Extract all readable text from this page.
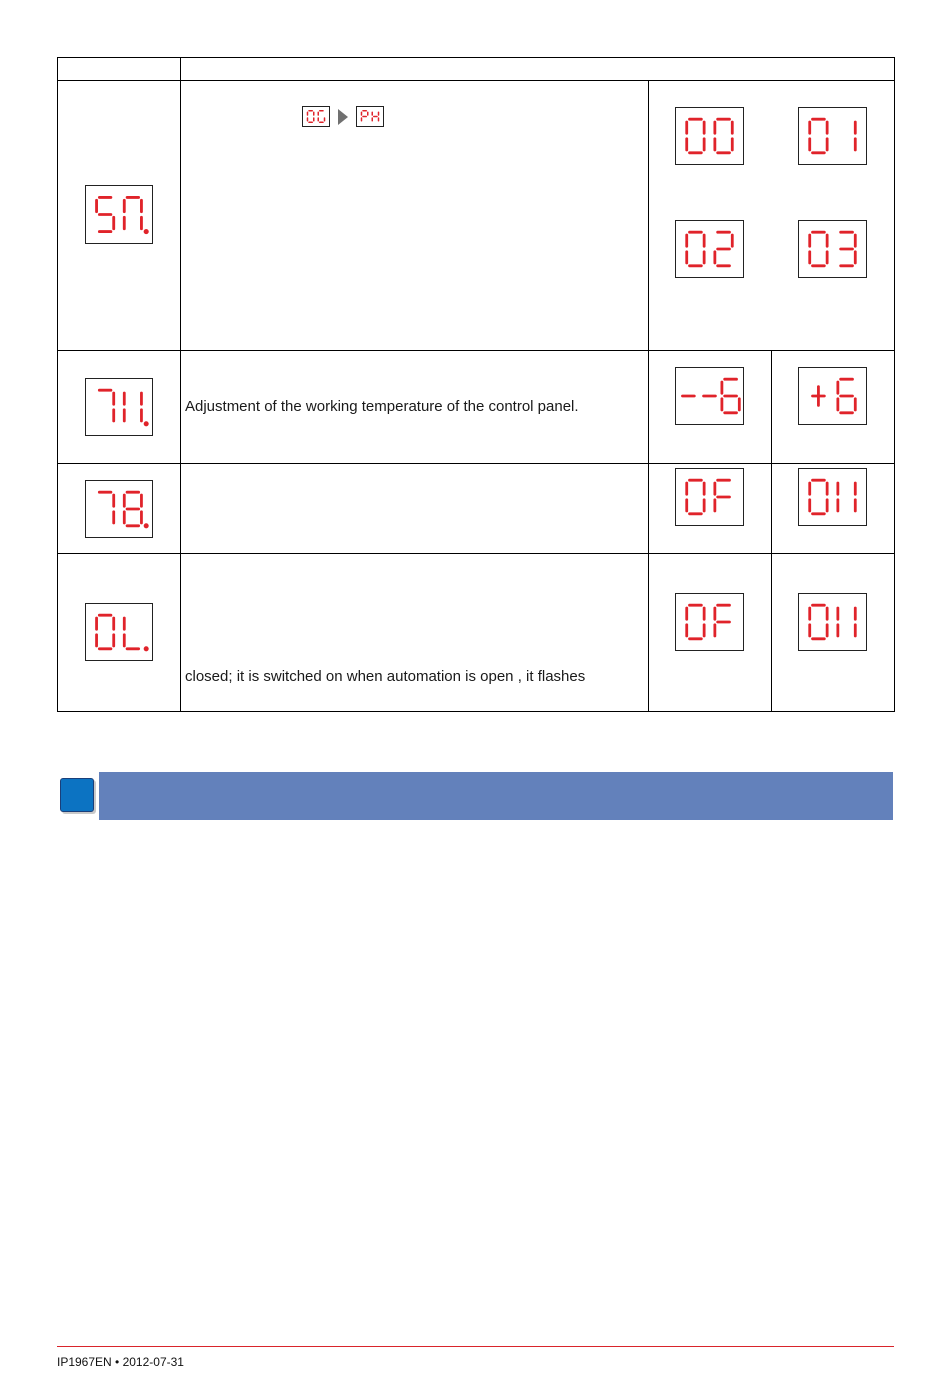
Adjustment of the working temperature of the control panel.
closed; it is switched on when automation is open , it flashes
IP1967EN • 2012-07-31
